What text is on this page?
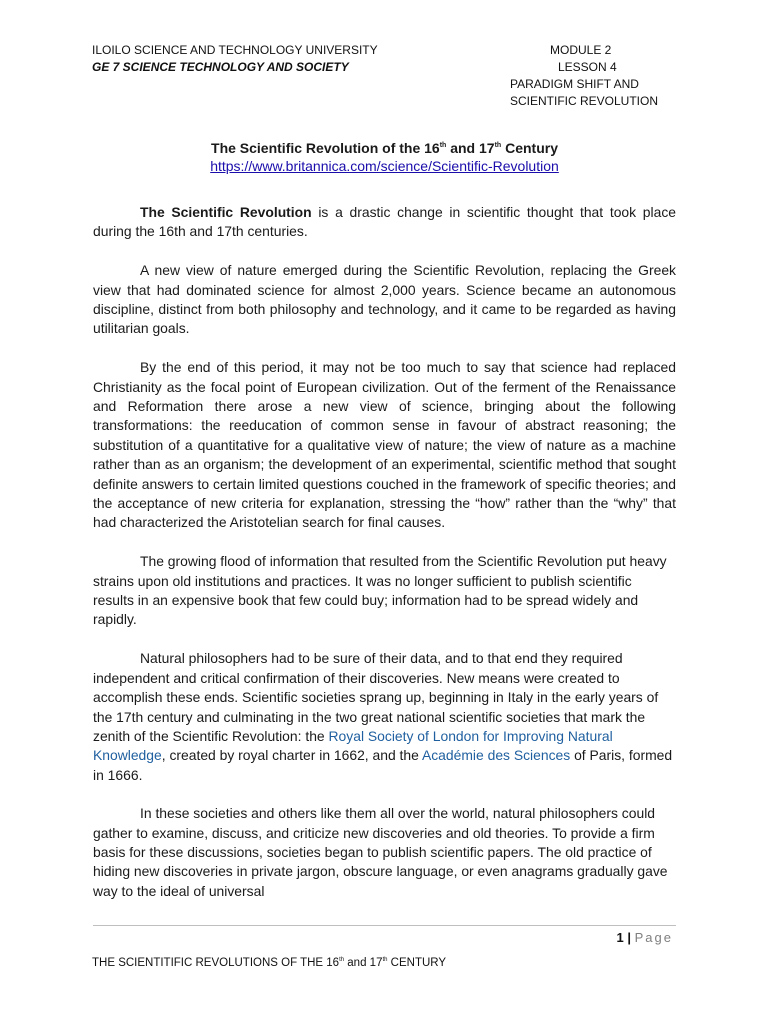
ILOILO SCIENCE AND TECHNOLOGY UNIVERSITY
GE 7 SCIENCE TECHNOLOGY AND SOCIETY
MODULE 2
LESSON 4
PARADIGM SHIFT AND
SCIENTIFIC REVOLUTION
The Scientific Revolution of the 16th and 17th Century
https://www.britannica.com/science/Scientific-Revolution

The Scientific Revolution is a drastic change in scientific thought that took place during the 16th and 17th centuries.

A new view of nature emerged during the Scientific Revolution, replacing the Greek view that had dominated science for almost 2,000 years. Science became an autonomous discipline, distinct from both philosophy and technology, and it came to be regarded as having utilitarian goals.

By the end of this period, it may not be too much to say that science had replaced Christianity as the focal point of European civilization. Out of the ferment of the Renaissance and Reformation there arose a new view of science, bringing about the following transformations: the reeducation of common sense in favour of abstract reasoning; the substitution of a quantitative for a qualitative view of nature; the view of nature as a machine rather than as an organism; the development of an experimental, scientific method that sought definite answers to certain limited questions couched in the framework of specific theories; and the acceptance of new criteria for explanation, stressing the “how” rather than the “why” that had characterized the Aristotelian search for final causes.

The growing flood of information that resulted from the Scientific Revolution put heavy strains upon old institutions and practices. It was no longer sufficient to publish scientific results in an expensive book that few could buy; information had to be spread widely and rapidly.

Natural philosophers had to be sure of their data, and to that end they required independent and critical confirmation of their discoveries. New means were created to accomplish these ends. Scientific societies sprang up, beginning in Italy in the early years of the 17th century and culminating in the two great national scientific societies that mark the zenith of the Scientific Revolution: the Royal Society of London for Improving Natural Knowledge, created by royal charter in 1662, and the Académie des Sciences of Paris, formed in 1666.

In these societies and others like them all over the world, natural philosophers could gather to examine, discuss, and criticize new discoveries and old theories. To provide a firm basis for these discussions, societies began to publish scientific papers. The old practice of hiding new discoveries in private jargon, obscure language, or even anagrams gradually gave way to the ideal of universal

1 | Page
THE SCIENTITIFIC REVOLUTIONS OF THE 16th and 17th CENTURY
